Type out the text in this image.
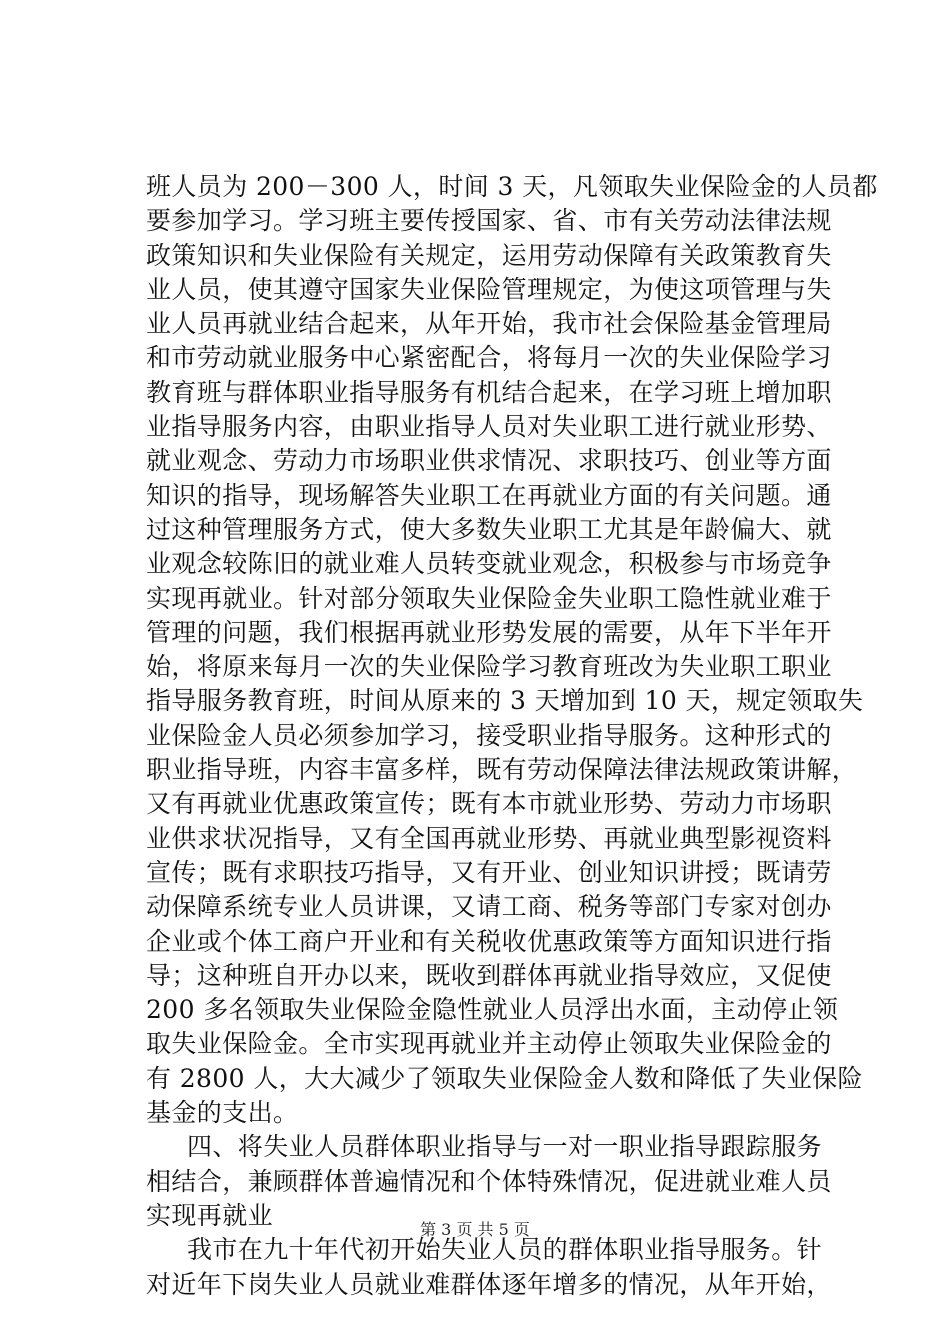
班人员为 200－300 人，时间 3 天，凡领取失业保险金的人员都
要参加学习。学习班主要传授国家、省、市有关劳动法律法规
政策知识和失业保险有关规定，运用劳动保障有关政策教育失
业人员，使其遵守国家失业保险管理规定，为使这项管理与失
业人员再就业结合起来，从年开始，我市社会保险基金管理局
和市劳动就业服务中心紧密配合，将每月一次的失业保险学习
教育班与群体职业指导服务有机结合起来，在学习班上增加职
业指导服务内容，由职业指导人员对失业职工进行就业形势、
就业观念、劳动力市场职业供求情况、求职技巧、创业等方面
知识的指导，现场解答失业职工在再就业方面的有关问题。通
过这种管理服务方式，使大多数失业职工尤其是年龄偏大、就
业观念较陈旧的就业难人员转变就业观念，积极参与市场竞争
实现再就业。针对部分领取失业保险金失业职工隐性就业难于
管理的问题，我们根据再就业形势发展的需要，从年下半年开
始，将原来每月一次的失业保险学习教育班改为失业职工职业
指导服务教育班，时间从原来的 3 天增加到 10 天，规定领取失
业保险金人员必须参加学习，接受职业指导服务。这种形式的
职业指导班，内容丰富多样，既有劳动保障法律法规政策讲解，
又有再就业优惠政策宣传；既有本市就业形势、劳动力市场职
业供求状况指导，又有全国再就业形势、再就业典型影视资料
宣传；既有求职技巧指导，又有开业、创业知识讲授；既请劳
动保障系统专业人员讲课，又请工商、税务等部门专家对创办
企业或个体工商户开业和有关税收优惠政策等方面知识进行指
导；这种班自开办以来，既收到群体再就业指导效应，又促使
200 多名领取失业保险金隐性就业人员浮出水面，主动停止领
取失业保险金。全市实现再就业并主动停止领取失业保险金的
有 2800 人，大大减少了领取失业保险金人数和降低了失业保险
基金的支出。
四、将失业人员群体职业指导与一对一职业指导跟踪服务
相结合，兼顾群体普遍情况和个体特殊情况，促进就业难人员
实现再就业
我市在九十年代初开始失业人员的群体职业指导服务。针
对近年下岗失业人员就业难群体逐年增多的情况，从年开始，
第 3 页 共 5 页
